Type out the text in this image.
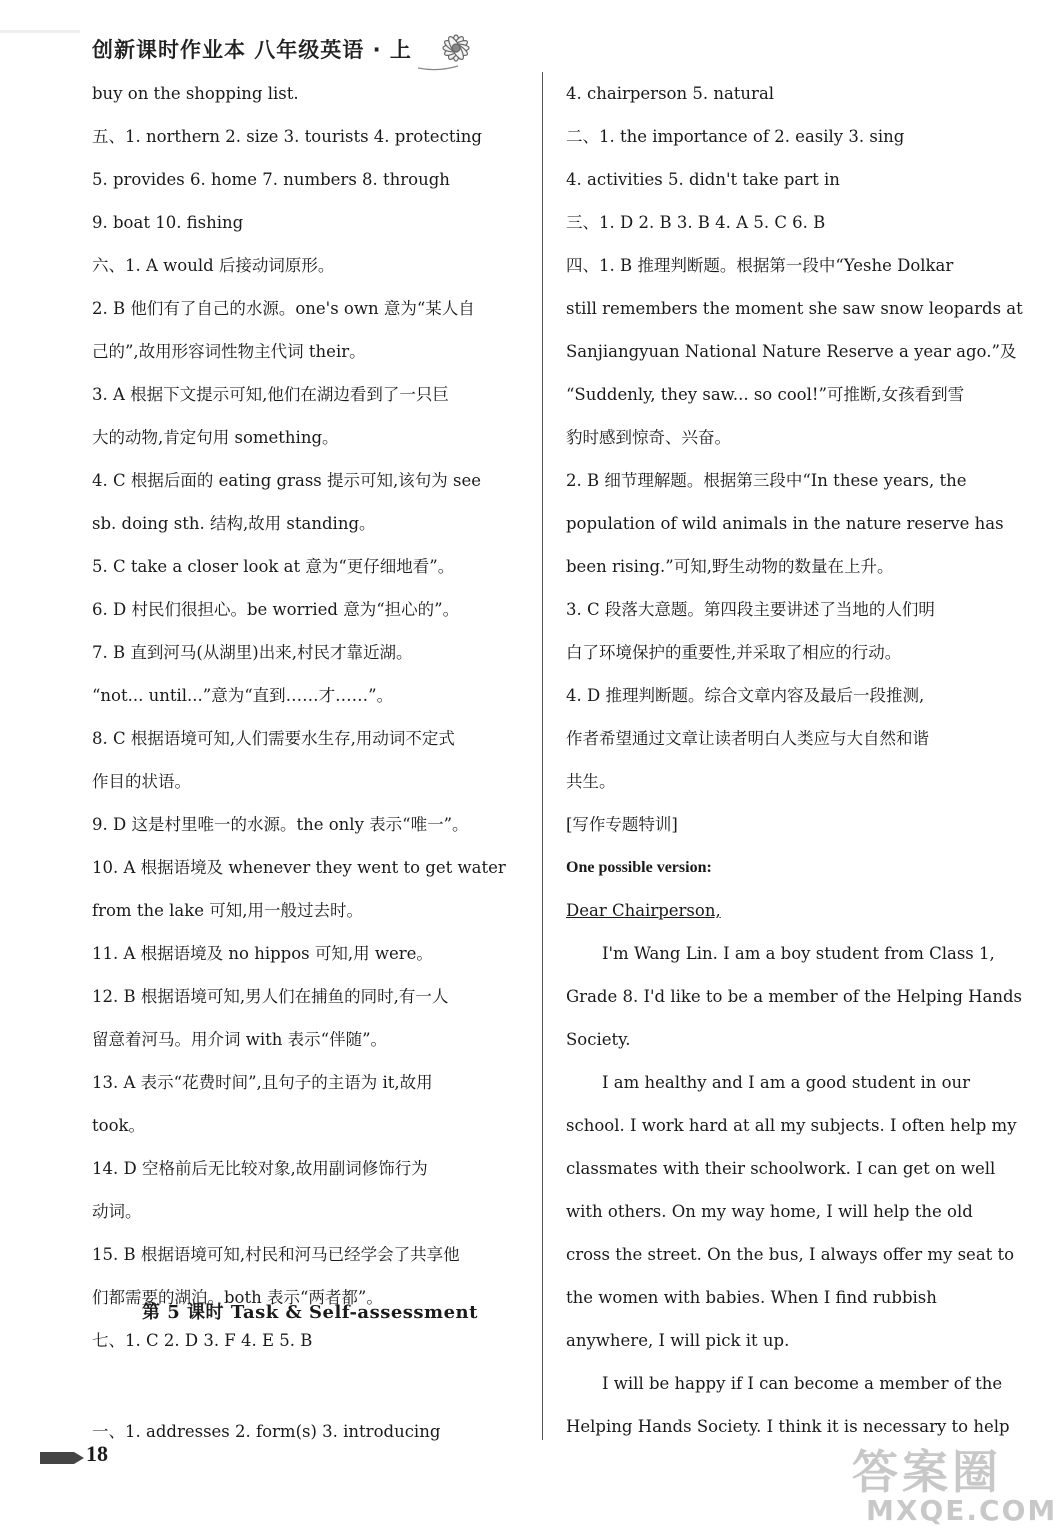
创新课时作业本 八年级英语 · 上
buy on the shopping list.
五、1. northern 2. size 3. tourists 4. protecting
5. provides 6. home 7. numbers 8. through
9. boat 10. fishing
六、1. A would 后接动词原形。
2. B 他们有了自己的水源。one's own 意为“某人自
己的”,故用形容词性物主代词 their。
3. A 根据下文提示可知,他们在湖边看到了一只巨
大的动物,肯定句用 something。
4. C 根据后面的 eating grass 提示可知,该句为 see
sb. doing sth. 结构,故用 standing。
5. C take a closer look at 意为“更仔细地看”。
6. D 村民们很担心。be worried 意为“担心的”。
7. B 直到河马(从湖里)出来,村民才靠近湖。
“not... until...”意为“直到……才……”。
8. C 根据语境可知,人们需要水生存,用动词不定式
作目的状语。
9. D 这是村里唯一的水源。the only 表示“唯一”。
10. A 根据语境及 whenever they went to get water
from the lake 可知,用一般过去时。
11. A 根据语境及 no hippos 可知,用 were。
12. B 根据语境可知,男人们在捕鱼的同时,有一人
留意着河马。用介词 with 表示“伴随”。
13. A 表示“花费时间”,且句子的主语为 it,故用
took。
14. D 空格前后无比较对象,故用副词修饰行为
动词。
15. B 根据语境可知,村民和河马已经学会了共享他
们都需要的湖泊。both 表示“两者都”。
七、1. C 2. D 3. F 4. E 5. B
第 5 课时 Task & Self-assessment
一、1. addresses 2. form(s) 3. introducing
4. chairperson 5. natural
二、1. the importance of 2. easily 3. sing
4. activities 5. didn't take part in
三、1. D 2. B 3. B 4. A 5. C 6. B
四、1. B 推理判断题。根据第一段中“Yeshe Dolkar
still remembers the moment she saw snow leopards at
Sanjiangyuan National Nature Reserve a year ago.”及
“Suddenly, they saw... so cool!”可推断,女孩看到雪
豹时感到惊奇、兴奋。
2. B 细节理解题。根据第三段中“In these years, the
population of wild animals in the nature reserve has
been rising.”可知,野生动物的数量在上升。
3. C 段落大意题。第四段主要讲述了当地的人们明
白了环境保护的重要性,并采取了相应的行动。
4. D 推理判断题。综合文章内容及最后一段推测,
作者希望通过文章让读者明白人类应与大自然和谐
共生。
[写作专题特训]
One possible version:
Dear Chairperson,
I'm Wang Lin. I am a boy student from Class 1,
Grade 8. I'd like to be a member of the Helping Hands
Society.
I am healthy and I am a good student in our
school. I work hard at all my subjects. I often help my
classmates with their schoolwork. I can get on well
with others. On my way home, I will help the old
cross the street. On the bus, I always offer my seat to
the women with babies. When I find rubbish
anywhere, I will pick it up.
I will be happy if I can become a member of the
Helping Hands Society. I think it is necessary to help
18	答案圈
MXQE.COM
